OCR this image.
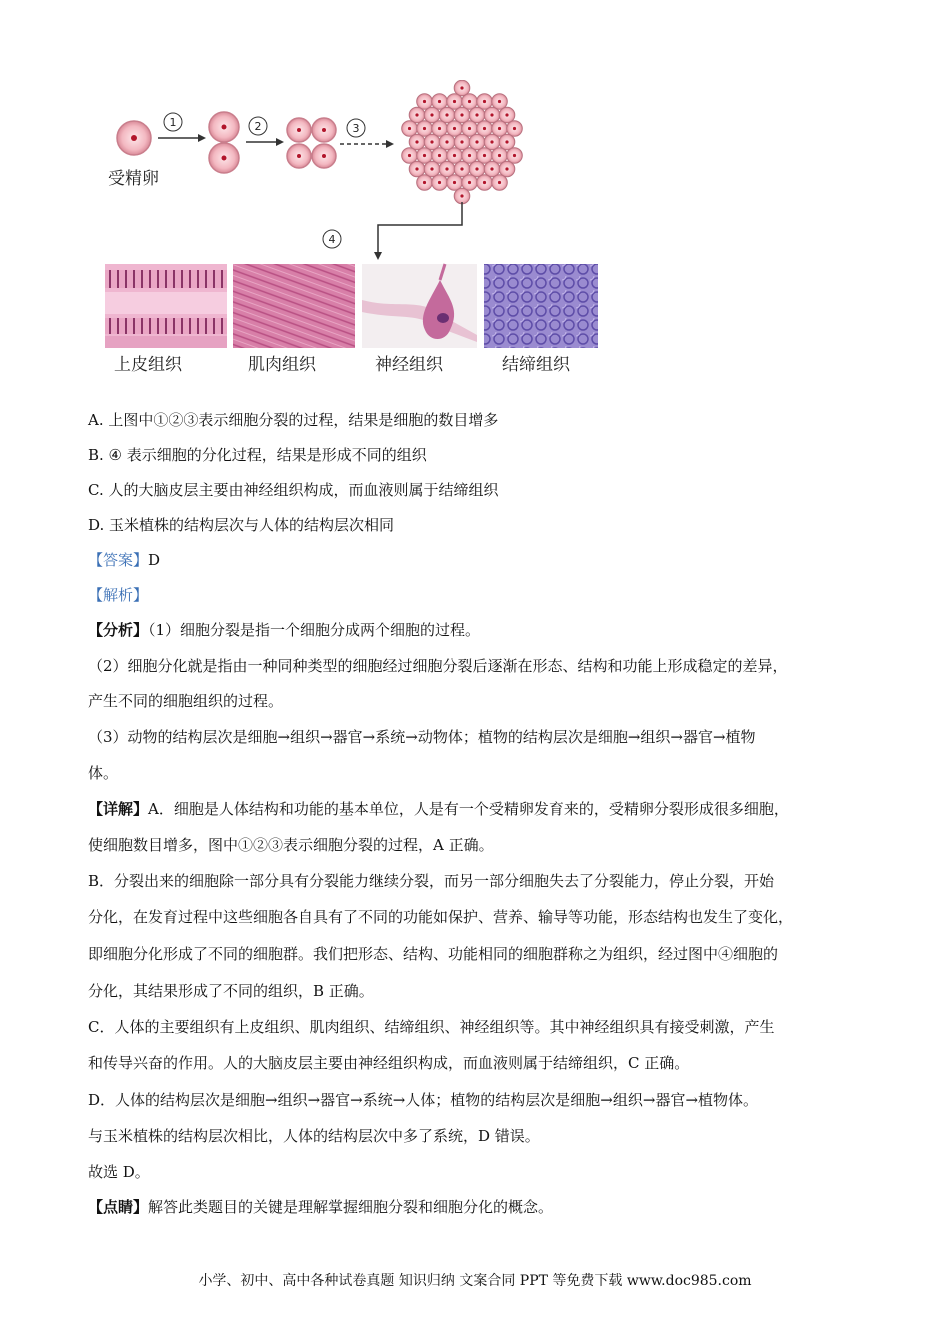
受精卵
1	2	3
4
上皮组织	肌肉组织	神经组织	结缔组织
A. 上图中①②③表示细胞分裂的过程，结果是细胞的数目增多
B. ④ 表示细胞的分化过程，结果是形成不同的组织
C. 人的大脑皮层主要由神经组织构成，而血液则属于结缔组织
D. 玉米植株的结构层次与人体的结构层次相同
【答案】D
【解析】
【分析】（1）细胞分裂是指一个细胞分成两个细胞的过程。
（2）细胞分化就是指由一种同种类型的细胞经过细胞分裂后逐渐在形态、结构和功能上形成稳定的差异，
产生不同的细胞组织的过程。
（3）动物的结构层次是细胞→组织→器官→系统→动物体；植物的结构层次是细胞→组织→器官→植物
体。
【详解】A．细胞是人体结构和功能的基本单位，人是有一个受精卵发育来的，受精卵分裂形成很多细胞，
使细胞数目增多，图中①②③表示细胞分裂的过程，A 正确。
B．分裂出来的细胞除一部分具有分裂能力继续分裂，而另一部分细胞失去了分裂能力，停止分裂，开始
分化，在发育过程中这些细胞各自具有了不同的功能如保护、营养、输导等功能，形态结构也发生了变化，
即细胞分化形成了不同的细胞群。我们把形态、结构、功能相同的细胞群称之为组织，经过图中④细胞的
分化，其结果形成了不同的组织，B 正确。
C．人体的主要组织有上皮组织、肌肉组织、结缔组织、神经组织等。其中神经组织具有接受刺激，产生
和传导兴奋的作用。人的大脑皮层主要由神经组织构成，而血液则属于结缔组织，C 正确。
D．人体的结构层次是细胞→组织→器官→系统→人体；植物的结构层次是细胞→组织→器官→植物体。
与玉米植株的结构层次相比，人体的结构层次中多了系统，D 错误。
故选 D。
【点睛】解答此类题目的关键是理解掌握细胞分裂和细胞分化的概念。
小学、初中、高中各种试卷真题 知识归纳 文案合同 PPT 等免费下载 www.doc985.com
